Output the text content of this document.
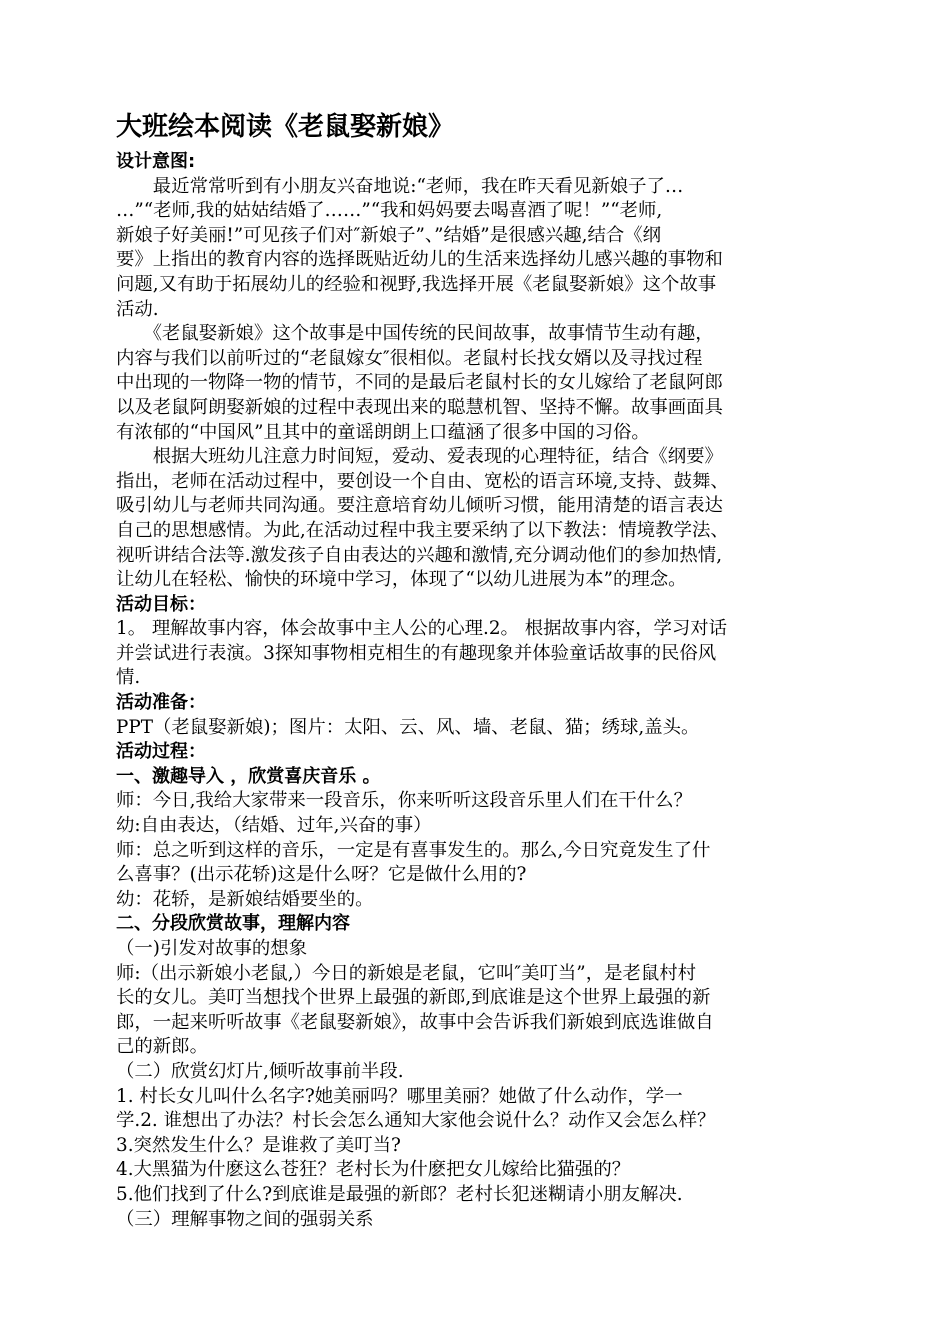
大班绘本阅读《老鼠娶新娘》
设计意图:
　　最近常常听到有小朋友兴奋地说:“老师，我在昨天看见新娘子了…
…”“老师,我的姑姑结婚了……”“我和妈妈要去喝喜酒了呢！”“老师,
新娘子好美丽!”可见孩子们对″新娘子”、”结婚”是很感兴趣,结合《纲
要》上指出的教育内容的选择既贴近幼儿的生活来选择幼儿感兴趣的事物和
问题,又有助于拓展幼儿的经验和视野,我选择开展《老鼠娶新娘》这个故事
活动.
　　《老鼠娶新娘》这个故事是中国传统的民间故事，故事情节生动有趣，
内容与我们以前听过的“老鼠嫁女″很相似。老鼠村长找女婿以及寻找过程
中出现的一物降一物的情节，不同的是最后老鼠村长的女儿嫁给了老鼠阿郎
以及老鼠阿朗娶新娘的过程中表现出来的聪慧机智、坚持不懈。故事画面具
有浓郁的“中国风”且其中的童谣朗朗上口蕴涵了很多中国的习俗。
　　根据大班幼儿注意力时间短，爱动、爱表现的心理特征，结合《纲要》
指出，老师在活动过程中，要创设一个自由、宽松的语言环境,支持、鼓舞、
吸引幼儿与老师共同沟通。要注意培育幼儿倾听习惯，能用清楚的语言表达
自己的思想感情。为此,在活动过程中我主要采纳了以下教法：情境教学法、
视听讲结合法等.激发孩子自由表达的兴趣和激情,充分调动他们的参加热情,
让幼儿在轻松、愉快的环境中学习，体现了“以幼儿进展为本”的理念。
活动目标：
1。 理解故事内容，体会故事中主人公的心理.2。 根据故事内容，学习对话
并尝试进行表演。3探知事物相克相生的有趣现象并体验童话故事的民俗风
情.
活动准备：
PPT（老鼠娶新娘)；图片：太阳、云、风、墙、老鼠、猫；绣球,盖头。
活动过程：
一、激趣导入 ，欣赏喜庆音乐 。
师：今日,我给大家带来一段音乐，你来听听这段音乐里人们在干什么？
幼:自由表达，（结婚、过年,兴奋的事）
师：总之听到这样的音乐，一定是有喜事发生的。那么,今日究竟发生了什
么喜事？(出示花轿)这是什么呀？它是做什么用的?
幼：花轿，是新娘结婚要坐的。
二、分段欣赏故事，理解内容
（一)引发对故事的想象
师:（出示新娘小老鼠,）今日的新娘是老鼠，它叫″美叮当”，是老鼠村村
长的女儿。美叮当想找个世界上最强的新郎,到底谁是这个世界上最强的新
郎，一起来听听故事《老鼠娶新娘》，故事中会告诉我们新娘到底选谁做自
己的新郎。
（二）欣赏幻灯片,倾听故事前半段.
1. 村长女儿叫什么名字?她美丽吗？哪里美丽？她做了什么动作，学一
学.2. 谁想出了办法？村长会怎么通知大家他会说什么？动作又会怎么样？
3.突然发生什么？是谁救了美叮当?
4.大黑猫为什麽这么苍狂？老村长为什麽把女儿嫁给比猫强的？
5.他们找到了什么?到底谁是最强的新郎？老村长犯迷糊请小朋友解决.
（三）理解事物之间的强弱关系
